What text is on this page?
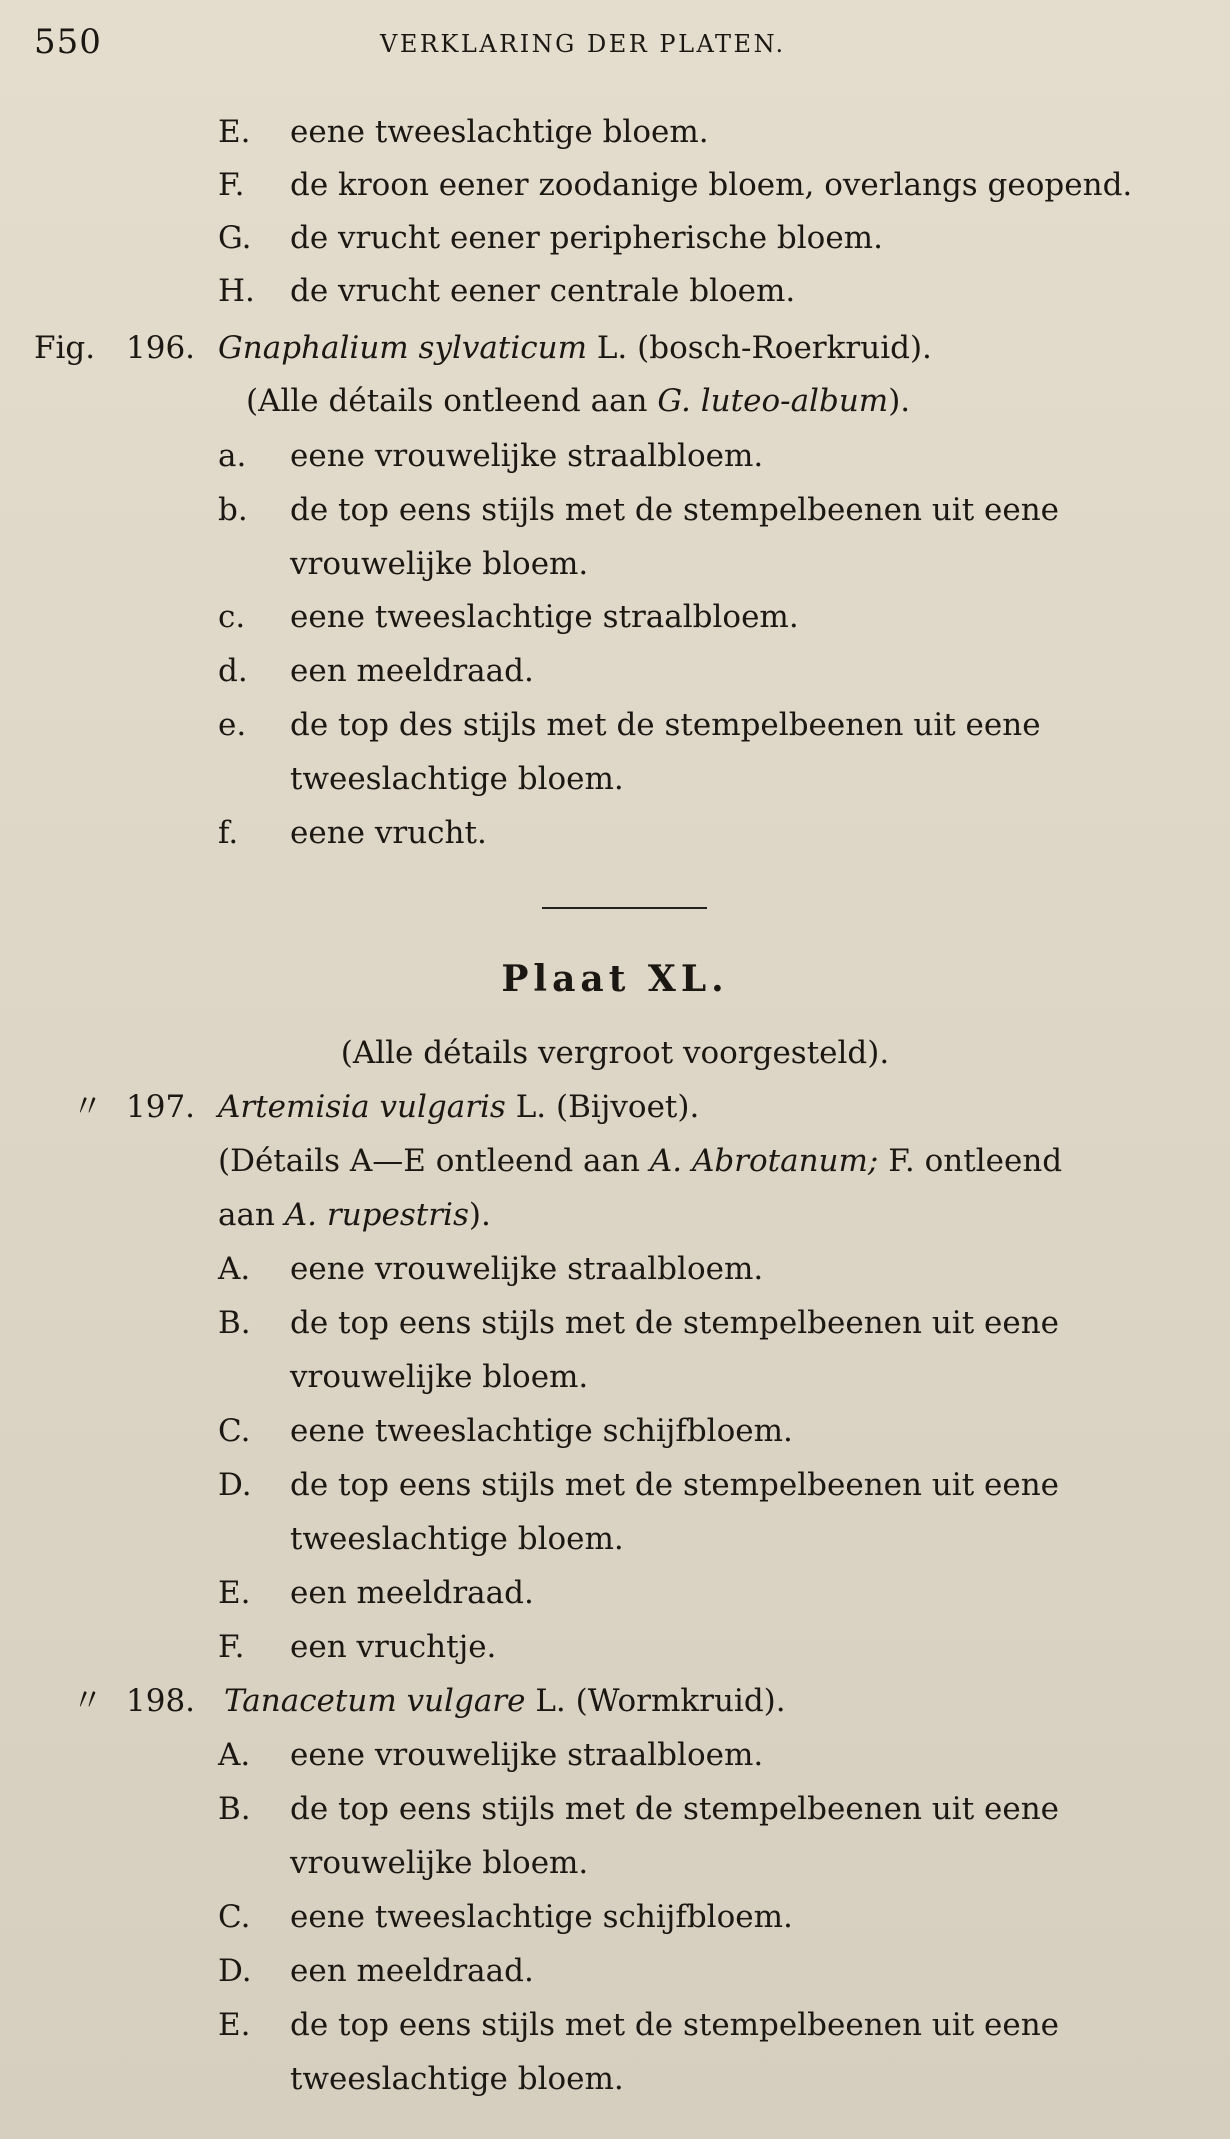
550	VERKLARING DER PLATEN.
E. eene tweeslachtige bloem.
F. de kroon eener zoodanige bloem, overlangs geopend.
G. de vrucht eener peripherische bloem.
H. de vrucht eener centrale bloem.
Fig. 196. Gnaphalium sylvaticum L. (bosch-Roerkruid).
(Alle détails ontleend aan G. luteo-album).
a. eene vrouwelijke straalbloem.
b. de top eens stijls met de stempelbeenen uit eene
vrouwelijke bloem.
c. eene tweeslachtige straalbloem.
d. een meeldraad.
e. de top des stijls met de stempelbeenen uit eene
tweeslachtige bloem.
f. eene vrucht.
Plaat XL.
(Alle détails vergroot voorgesteld).
〃 197. Artemisia vulgaris L. (Bijvoet).
(Détails A—E ontleend aan A. Abrotanum; F. ontleend
aan A. rupestris).
A. eene vrouwelijke straalbloem.
B. de top eens stijls met de stempelbeenen uit eene
vrouwelijke bloem.
C. eene tweeslachtige schijfbloem.
D. de top eens stijls met de stempelbeenen uit eene
tweeslachtige bloem.
E. een meeldraad.
F. een vruchtje.
〃 198. Tanacetum vulgare L. (Wormkruid).
A. eene vrouwelijke straalbloem.
B. de top eens stijls met de stempelbeenen uit eene
vrouwelijke bloem.
C. eene tweeslachtige schijfbloem.
D. een meeldraad.
E. de top eens stijls met de stempelbeenen uit eene
tweeslachtige bloem.
